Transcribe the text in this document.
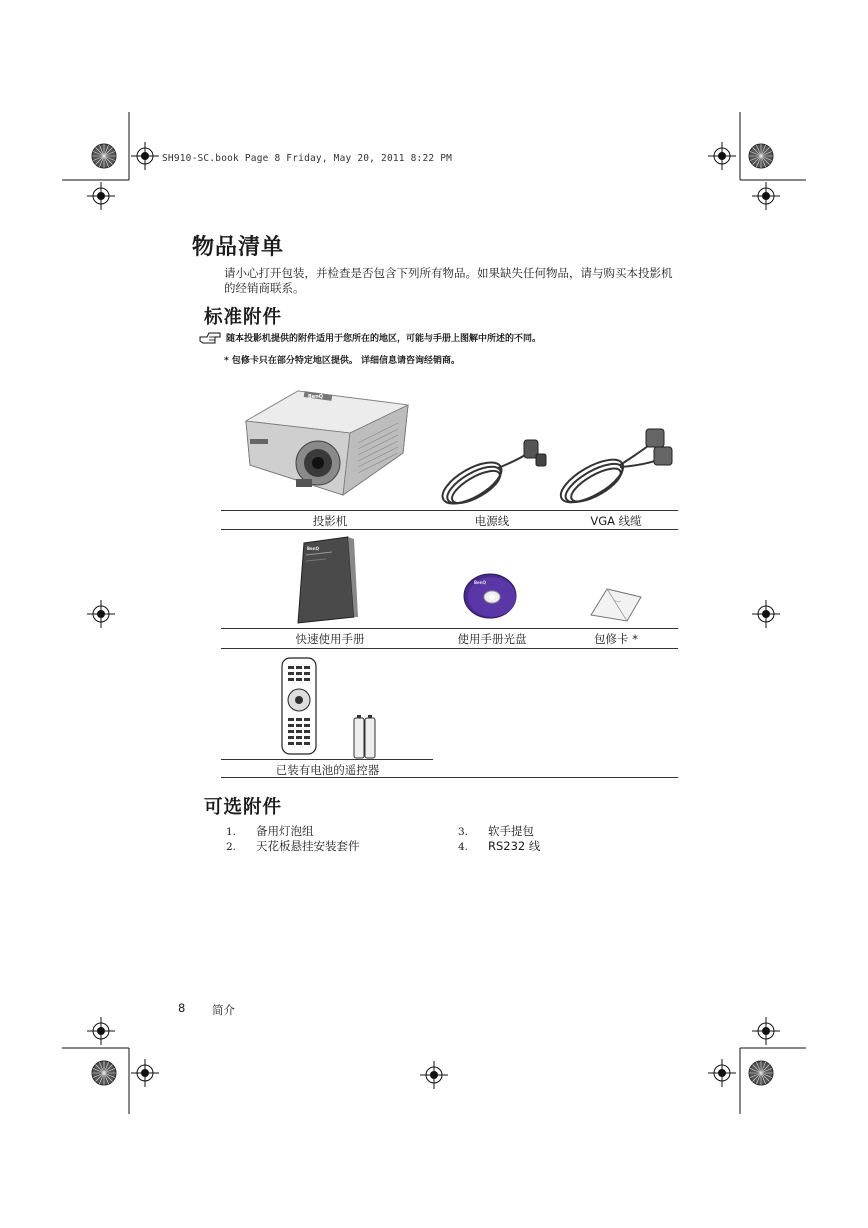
SH910-SC.book Page 8 Friday, May 20, 2011 8:22 PM
物品清单
请小心打开包装，并检查是否包含下列所有物品。如果缺失任何物品，请与购买本投影机的经销商联系。
标准附件
随本投影机提供的附件适用于您所在的地区，可能与手册上图解中所述的不同。
* 包修卡只在部分特定地区提供。 详细信息请咨询经销商。
BenQ
投影机	电源线	VGA 线缆
BenQ
BenQ
快速使用手册	使用手册光盘	包修卡 *
已装有电池的遥控器
可选附件
1. 备用灯泡组
2. 天花板悬挂安装套件
3. 软手提包
4. RS232 线
8 简介
